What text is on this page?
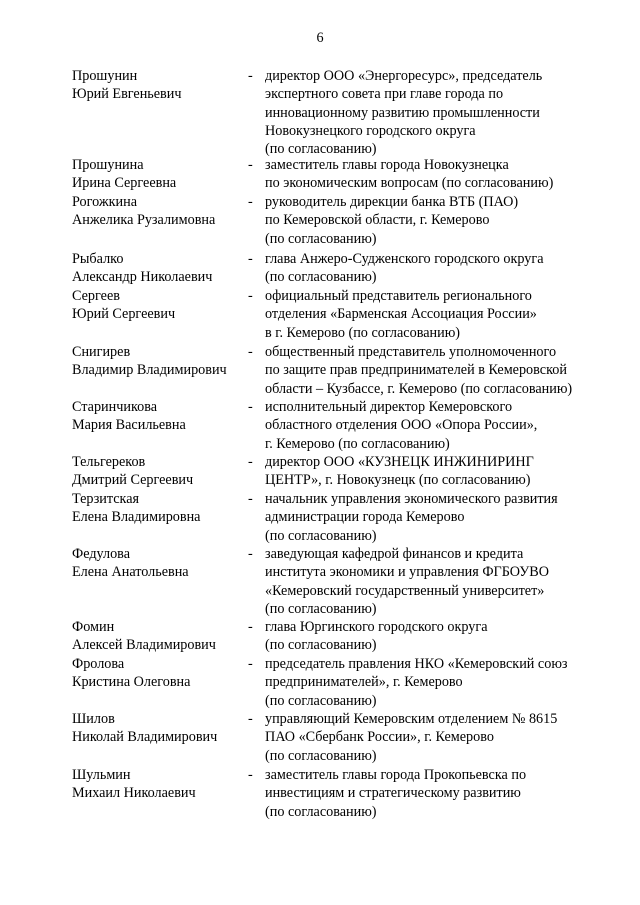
6
Прошунин
Юрий Евгеньевич
- директор ООО «Энергоресурс», председатель
экспертного совета при главе города по
инновационному развитию промышленности
Новокузнецкого городского округа
(по согласованию)
Прошунина
Ирина Сергеевна
- заместитель главы города Новокузнецка
по экономическим вопросам (по согласованию)
Рогожкина
Анжелика Рузалимовна
- руководитель дирекции банка ВТБ (ПАО)
по Кемеровской области, г. Кемерово
(по согласованию)
Рыбалко
Александр Николаевич
- глава Анжеро-Судженского городского округа
(по согласованию)
Сергеев
Юрий Сергеевич
- официальный представитель регионального
отделения «Барменская Ассоциация России»
в г. Кемерово (по согласованию)
Снигирев
Владимир Владимирович
- общественный представитель уполномоченного
по защите прав предпринимателей в Кемеровской
области – Кузбассе, г. Кемерово (по согласованию)
Старинчикова
Мария Васильевна
- исполнительный директор Кемеровского
областного отделения ООО «Опора России»,
г. Кемерово (по согласованию)
Тельгереков
Дмитрий Сергеевич
- директор ООО «КУЗНЕЦК ИНЖИНИРИНГ
ЦЕНТР», г. Новокузнецк (по согласованию)
Терзитская
Елена Владимировна
- начальник управления экономического развития
администрации города Кемерово
(по согласованию)
Федулова
Елена Анатольевна
- заведующая кафедрой финансов и кредита
института экономики и управления ФГБОУВО
«Кемеровский государственный университет»
(по согласованию)
Фомин
Алексей Владимирович
- глава Юргинского городского округа
(по согласованию)
Фролова
Кристина Олеговна
- председатель правления НКО «Кемеровский союз
предпринимателей», г. Кемерово
(по согласованию)
Шилов
Николай Владимирович
- управляющий Кемеровским отделением № 8615
ПАО «Сбербанк России», г. Кемерово
(по согласованию)
Шульмин
Михаил Николаевич
- заместитель главы города Прокопьевска по
инвестициям и стратегическому развитию
(по согласованию)
